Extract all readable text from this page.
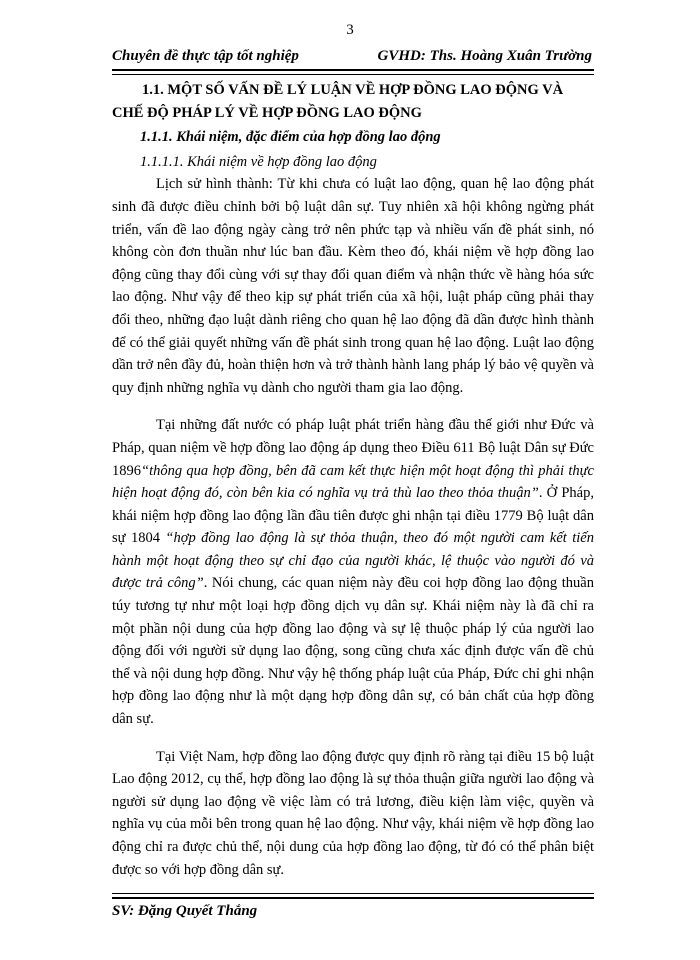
3
Chuyên đề thực tập tốt nghiệp	GVHD: Ths. Hoàng Xuân Trường

1.1. MỘT SỐ VẤN ĐỀ LÝ LUẬN VỀ HỢP ĐỒNG LAO ĐỘNG VÀ
CHẾ ĐỘ PHÁP LÝ VỀ HỢP ĐỒNG LAO ĐỘNG

1.1.1. Khái niệm, đặc điểm của hợp đồng lao động

1.1.1.1. Khái niệm về hợp đồng lao động

Lịch sử hình thành: Từ khi chưa có luật lao động, quan hệ lao động phát sinh đã được điều chỉnh bởi bộ luật dân sự. Tuy nhiên xã hội không ngừng phát triển, vấn đề lao động ngày càng trở nên phức tạp và nhiều vấn đề phát sinh, nó không còn đơn thuần như lúc ban đầu. Kèm theo đó, khái niệm về hợp đồng lao động cũng thay đổi cùng với sự thay đổi quan điểm và nhận thức về hàng hóa sức lao động. Như vậy để theo kịp sự phát triển của xã hội, luật pháp cũng phải thay đổi theo, những đạo luật dành riêng cho quan hệ lao động đã dần được hình thành để có thể giải quyết những vấn đề phát sinh trong quan hệ lao động. Luật lao động dần trở nên đầy đủ, hoàn thiện hơn và trở thành hành lang pháp lý bảo vệ quyền và quy định những nghĩa vụ dành cho người tham gia lao động.

Tại những đất nước có pháp luật phát triển hàng đầu thế giới như Đức và Pháp, quan niệm về hợp đồng lao động áp dụng theo Điều 611 Bộ luật Dân sự Đức 1896“thông qua hợp đồng, bên đã cam kết thực hiện một hoạt động thì phải thực hiện hoạt động đó, còn bên kia có nghĩa vụ trả thù lao theo thỏa thuận”. Ở Pháp, khái niệm hợp đồng lao động lần đầu tiên được ghi nhận tại điều 1779 Bộ luật dân sự 1804 “hợp đồng lao động là sự thỏa thuận, theo đó một người cam kết tiến hành một hoạt động theo sự chỉ đạo của người khác, lệ thuộc vào người đó và được trả công”. Nói chung, các quan niệm này đều coi hợp đồng lao động thuần túy tương tự như một loại hợp đồng dịch vụ dân sự. Khái niệm này là đã chỉ ra một phần nội dung của hợp đồng lao động và sự lệ thuộc pháp lý của người lao động đối với người sử dụng lao động, song cũng chưa xác định được vấn đề chủ thể và nội dung hợp đồng. Như vậy hệ thống pháp luật của Pháp, Đức chỉ ghi nhận hợp đồng lao động như là một dạng hợp đồng dân sự, có bản chất của hợp đồng dân sự.

Tại Việt Nam, hợp đồng lao động được quy định rõ ràng tại điều 15 bộ luật Lao động 2012, cụ thể, hợp đồng lao động là sự thỏa thuận giữa người lao động và người sử dụng lao động về việc làm có trả lương, điều kiện làm việc, quyền và nghĩa vụ của mỗi bên trong quan hệ lao động. Như vậy, khái niệm về hợp đồng lao động chỉ ra được chủ thể, nội dung của hợp đồng lao động, từ đó có thể phân biệt được so với hợp đồng dân sự.

SV: Đặng Quyết Thắng
